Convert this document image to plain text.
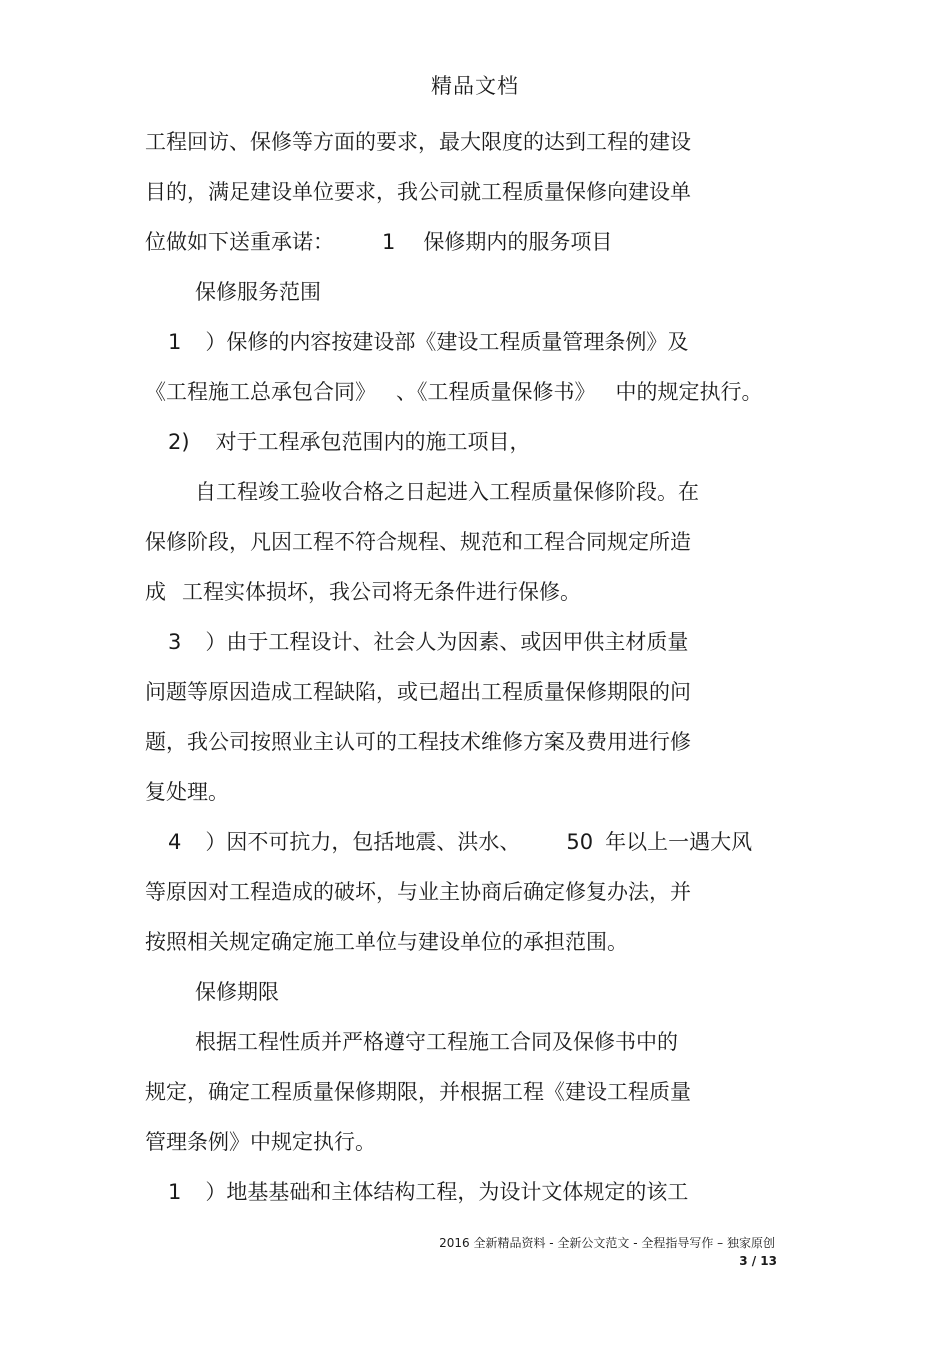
精品文档
工程回访、保修等方面的要求，最大限度的达到工程的建设
目的，满足建设单位要求，我公司就工程质量保修向建设单
位做如下送重承诺： 1 保修期内的服务项目
保修服务范围
1 ）保修的内容按建设部《建设工程质量管理条例》及
《工程施工总承包合同》 、《工程质量保修书》 中的规定执行。
2) 对于工程承包范围内的施工项目，
自工程竣工验收合格之日起进入工程质量保修阶段。在
保修阶段，凡因工程不符合规程、规范和工程合同规定所造
成 工程实体损坏，我公司将无条件进行保修。
3 ）由于工程设计、社会人为因素、或因甲供主材质量
问题等原因造成工程缺陷，或已超出工程质量保修期限的问
题，我公司按照业主认可的工程技术维修方案及费用进行修
复处理。
4 ）因不可抗力，包括地震、洪水、 50 年以上一遇大风
等原因对工程造成的破坏，与业主协商后确定修复办法，并
按照相关规定确定施工单位与建设单位的承担范围。
保修期限
根据工程性质并严格遵守工程施工合同及保修书中的
规定，确定工程质量保修期限，并根据工程《建设工程质量
管理条例》中规定执行。
1 ）地基基础和主体结构工程，为设计文体规定的该工
2016 全新精品资料 - 全新公文范文 - 全程指导写作 – 独家原创
3 / 13
